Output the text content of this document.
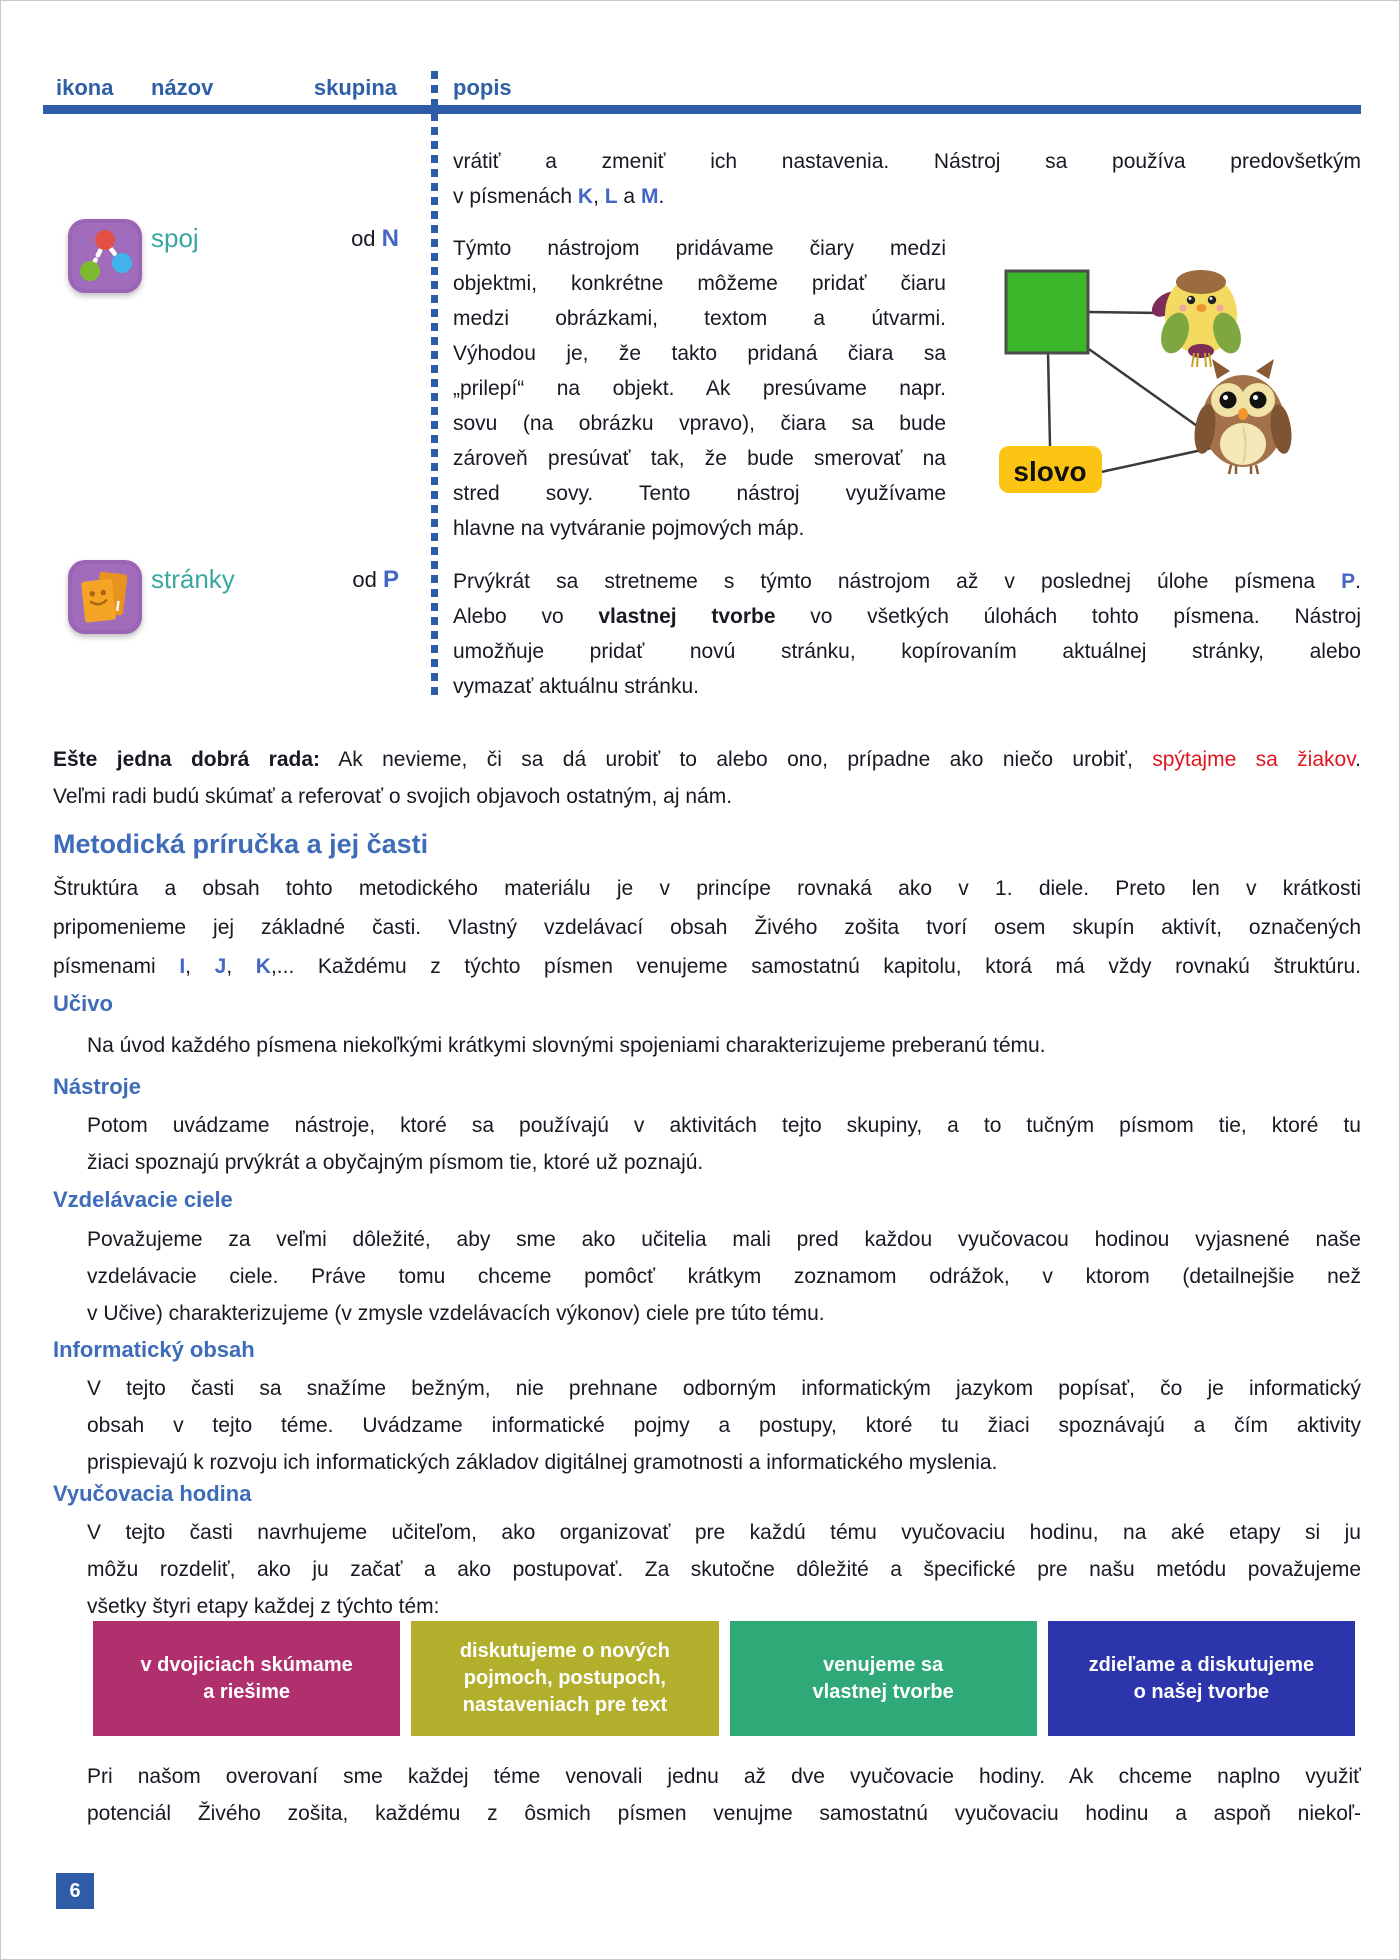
ikona názov	skupina	popis
vrátiť a zmeniť ich nastavenia. Nástroj sa používa predovšetkým
v písmenách K, L a M.
spoj	od N	Týmto nástrojom pridávame čiary medzi
objektmi, konkrétne môžeme pridať čiaru
medzi obrázkami, textom a útvarmi.
Výhodou je, že takto pridaná čiara sa
„prilepí“ na objekt. Ak presúvame napr.
sovu (na obrázku vpravo), čiara sa bude
zároveň presúvať tak, že bude smerovať na
stred sovy. Tento nástroj využívame
hlavne na vytváranie pojmových máp.
slovo
stránky	od P	Prvýkrát sa stretneme s týmto nástrojom až v poslednej úlohe písmena P.
Alebo vo vlastnej tvorbe vo všetkých úlohách tohto písmena. Nástroj
umožňuje pridať novú stránku, kopírovaním aktuálnej stránky, alebo
vymazať aktuálnu stránku.
Ešte jedna dobrá rada: Ak nevieme, či sa dá urobiť to alebo ono, prípadne ako niečo urobiť, spýtajme sa žiakov.
Veľmi radi budú skúmať a referovať o svojich objavoch ostatným, aj nám.
Metodická príručka a jej časti
Štruktúra a obsah tohto metodického materiálu je v princípe rovnaká ako v 1. diele. Preto len v krátkosti
pripomenieme jej základné časti. Vlastný vzdelávací obsah Živého zošita tvorí osem skupín aktivít, označených
písmenami I, J, K,... Každému z týchto písmen venujeme samostatnú kapitolu, ktorá má vždy rovnakú štruktúru.
Učivo
Na úvod každého písmena niekoľkými krátkymi slovnými spojeniami charakterizujeme preberanú tému.
Nástroje
Potom uvádzame nástroje, ktoré sa používajú v aktivitách tejto skupiny, a to tučným písmom tie, ktoré tu
žiaci spoznajú prvýkrát a obyčajným písmom tie, ktoré už poznajú.
Vzdelávacie ciele
Považujeme za veľmi dôležité, aby sme ako učitelia mali pred každou vyučovacou hodinou vyjasnené naše
vzdelávacie ciele. Práve tomu chceme pomôcť krátkym zoznamom odrážok, v ktorom (detailnejšie než
v Učive) charakterizujeme (v zmysle vzdelávacích výkonov) ciele pre túto tému.
Informatický obsah
V tejto časti sa snažíme bežným, nie prehnane odborným informatickým jazykom popísať, čo je informatický
obsah v tejto téme. Uvádzame informatické pojmy a postupy, ktoré tu žiaci spoznávajú a čím aktivity
prispievajú k rozvoju ich informatických základov digitálnej gramotnosti a informatického myslenia.
Vyučovacia hodina
V tejto časti navrhujeme učiteľom, ako organizovať pre každú tému vyučovaciu hodinu, na aké etapy si ju
môžu rozdeliť, ako ju začať a ako postupovať. Za skutočne dôležité a špecifické pre našu metódu považujeme
všetky štyri etapy každej z týchto tém:
v dvojiciach skúmame
a riešime
diskutujeme o nových
pojmoch, postupoch,
nastaveniach pre text
venujeme sa
vlastnej tvorbe
zdieľame a diskutujeme
o našej tvorbe
Pri našom overovaní sme každej téme venovali jednu až dve vyučovacie hodiny. Ak chceme naplno využiť
potenciál Živého zošita, každému z ôsmich písmen venujme samostatnú vyučovaciu hodinu a aspoň niekoľ-
6
